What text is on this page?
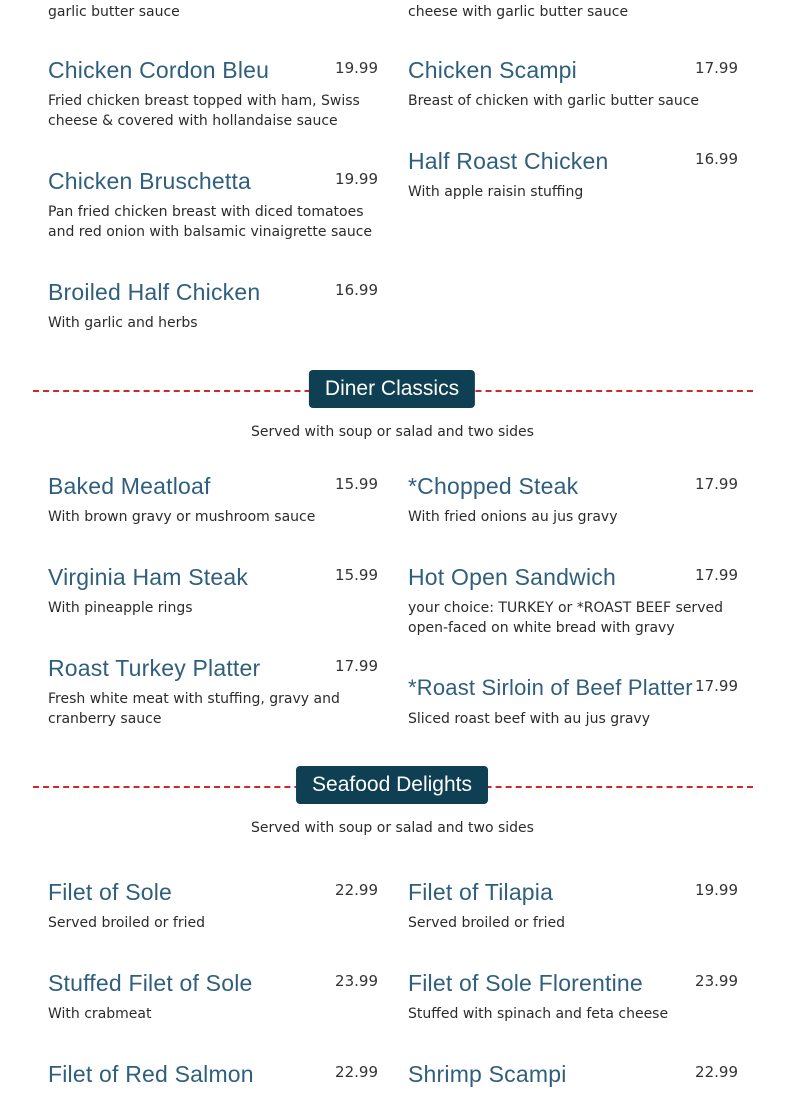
garlic butter sauce	cheese with garlic butter sauce
Chicken Cordon Bleu	19.99
Fried chicken breast topped with ham, Swiss cheese & covered with hollandaise sauce
Chicken Scampi	17.99
Breast of chicken with garlic butter sauce
Chicken Bruschetta	19.99
Pan fried chicken breast with diced tomatoes and red onion with balsamic vinaigrette sauce
Half Roast Chicken	16.99
With apple raisin stuffing
Broiled Half Chicken	16.99
With garlic and herbs
Diner Classics
Served with soup or salad and two sides
Baked Meatloaf	15.99
With brown gravy or mushroom sauce
*Chopped Steak	17.99
With fried onions au jus gravy
Virginia Ham Steak	15.99
With pineapple rings
Hot Open Sandwich	17.99
your choice: TURKEY or *ROAST BEEF served open-faced on white bread with gravy
Roast Turkey Platter	17.99
Fresh white meat with stuffing, gravy and cranberry sauce
*Roast Sirloin of Beef Platter 17.99
Sliced roast beef with au jus gravy
Seafood Delights
Served with soup or salad and two sides
Filet of Sole	22.99
Served broiled or fried
Filet of Tilapia	19.99
Served broiled or fried
Stuffed Filet of Sole	23.99
With crabmeat
Filet of Sole Florentine	23.99
Stuffed with spinach and feta cheese
Filet of Red Salmon	22.99 Shrimp Scampi	22.99
